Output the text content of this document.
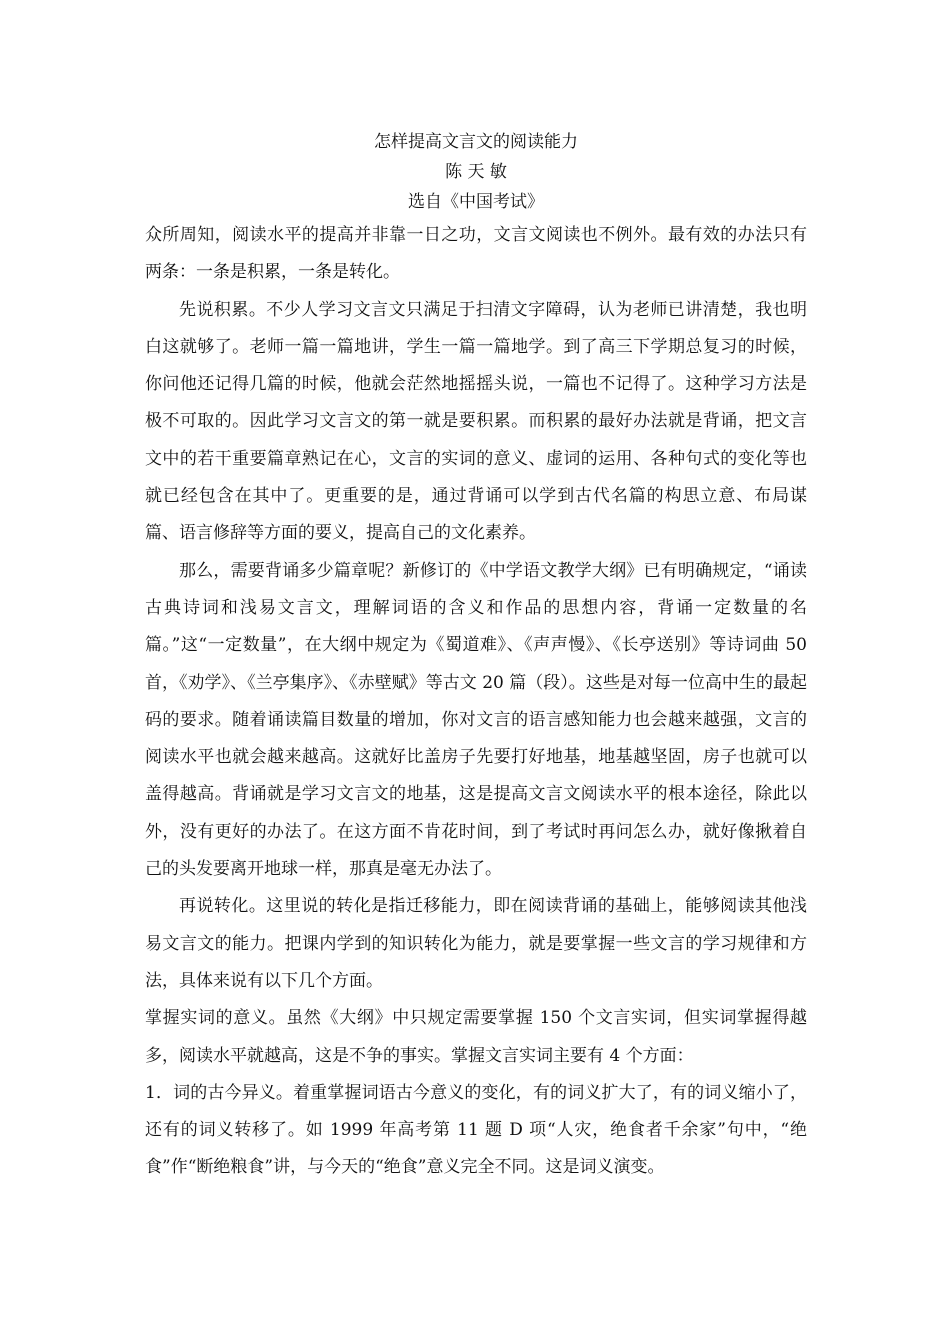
怎样提高文言文的阅读能力
陈 天 敏
选自《中国考试》

众所周知，阅读水平的提高并非靠一日之功，文言文阅读也不例外。最有效的办法只有两条：一条是积累，一条是转化。

先说积累。不少人学习文言文只满足于扫清文字障碍，认为老师已讲清楚，我也明白这就够了。老师一篇一篇地讲，学生一篇一篇地学。到了高三下学期总复习的时候，你问他还记得几篇的时候，他就会茫然地摇摇头说，一篇也不记得了。这种学习方法是极不可取的。因此学习文言文的第一就是要积累。而积累的最好办法就是背诵，把文言文中的若干重要篇章熟记在心，文言的实词的意义、虚词的运用、各种句式的变化等也就已经包含在其中了。更重要的是，通过背诵可以学到古代名篇的构思立意、布局谋篇、语言修辞等方面的要义，提高自己的文化素养。

那么，需要背诵多少篇章呢？新修订的《中学语文教学大纲》已有明确规定，“诵读古典诗词和浅易文言文，理解词语的含义和作品的思想内容，背诵一定数量的名篇。”这“一定数量”，在大纲中规定为《蜀道难》、《声声慢》、《长亭送别》等诗词曲 50 首，《劝学》、《兰亭集序》、《赤壁赋》等古文 20 篇（段）。这些是对每一位高中生的最起码的要求。随着诵读篇目数量的增加，你对文言的语言感知能力也会越来越强，文言的阅读水平也就会越来越高。这就好比盖房子先要打好地基，地基越坚固，房子也就可以盖得越高。背诵就是学习文言文的地基，这是提高文言文阅读水平的根本途径，除此以外，没有更好的办法了。在这方面不肯花时间，到了考试时再问怎么办，就好像揪着自己的头发要离开地球一样，那真是毫无办法了。

再说转化。这里说的转化是指迁移能力，即在阅读背诵的基础上，能够阅读其他浅易文言文的能力。把课内学到的知识转化为能力，就是要掌握一些文言的学习规律和方法，具体来说有以下几个方面。

掌握实词的意义。虽然《大纲》中只规定需要掌握 150 个文言实词，但实词掌握得越多，阅读水平就越高，这是不争的事实。掌握文言实词主要有 4 个方面：

1．词的古今异义。着重掌握词语古今意义的变化，有的词义扩大了，有的词义缩小了，还有的词义转移了。如 1999 年高考第 11 题 D 项“人灾，绝食者千余家”句中，“绝食”作“断绝粮食”讲，与今天的“绝食”意义完全不同。这是词义演变。
